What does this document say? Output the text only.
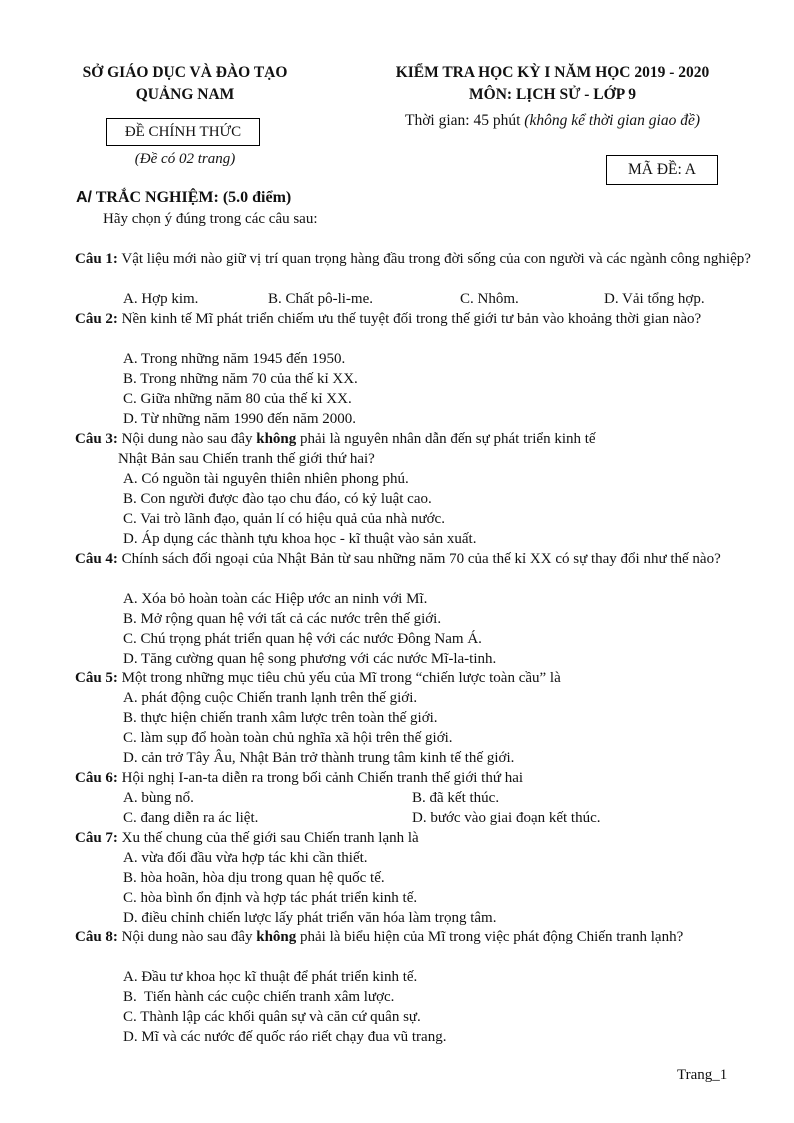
SỞ GIÁO DỤC VÀ ĐÀO TẠO
QUẢNG NAM
ĐỀ CHÍNH THỨC
(Đề có 02 trang)
KIỂM TRA HỌC KỲ I NĂM HỌC 2019 - 2020
MÔN: LỊCH SỬ - LỚP 9
Thời gian: 45 phút (không kể thời gian giao đề)
MÃ ĐỀ: A
A/ TRẮC NGHIỆM: (5.0 điểm)
Hãy chọn ý đúng trong các câu sau:
Câu 1: Vật liệu mới nào giữ vị trí quan trọng hàng đầu trong đời sống của con người và các ngành công nghiệp?
A. Hợp kim.	B. Chất pô-li-me.	C. Nhôm.	D. Vải tổng hợp.
Câu 2: Nền kinh tế Mĩ phát triển chiếm ưu thế tuyệt đối trong thế giới tư bản vào khoảng thời gian nào?
A. Trong những năm 1945 đến 1950.
B. Trong những năm 70 của thế kỉ XX.
C. Giữa những năm 80 của thế kỉ XX.
D. Từ những năm 1990 đến năm 2000.
Câu 3: Nội dung nào sau đây không phải là nguyên nhân dẫn đến sự phát triển kinh tế
Nhật Bản sau Chiến tranh thế giới thứ hai?
A. Có nguồn tài nguyên thiên nhiên phong phú.
B. Con người được đào tạo chu đáo, có kỷ luật cao.
C. Vai trò lãnh đạo, quản lí có hiệu quả của nhà nước.
D. Áp dụng các thành tựu khoa học - kĩ thuật vào sản xuất.
Câu 4: Chính sách đối ngoại của Nhật Bản từ sau những năm 70 của thế kỉ XX có sự thay đổi như thế nào?
A. Xóa bỏ hoàn toàn các Hiệp ước an ninh với Mĩ.
B. Mở rộng quan hệ với tất cả các nước trên thế giới.
C. Chú trọng phát triển quan hệ với các nước Đông Nam Á.
D. Tăng cường quan hệ song phương với các nước Mĩ-la-tinh.
Câu 5: Một trong những mục tiêu chủ yếu của Mĩ trong “chiến lược toàn cầu” là
A. phát động cuộc Chiến tranh lạnh trên thế giới.
B. thực hiện chiến tranh xâm lược trên toàn thế giới.
C. làm sụp đổ hoàn toàn chủ nghĩa xã hội trên thế giới.
D. cản trở Tây Âu, Nhật Bản trở thành trung tâm kinh tế thế giới.
Câu 6: Hội nghị I-an-ta diễn ra trong bối cảnh Chiến tranh thế giới thứ hai
A. bùng nổ.	B. đã kết thúc.
C. đang diễn ra ác liệt.	D. bước vào giai đoạn kết thúc.
Câu 7: Xu thế chung của thế giới sau Chiến tranh lạnh là
A. vừa đối đầu vừa hợp tác khi cần thiết.
B. hòa hoãn, hòa dịu trong quan hệ quốc tế.
C. hòa bình ổn định và hợp tác phát triển kinh tế.
D. điều chỉnh chiến lược lấy phát triển văn hóa làm trọng tâm.
Câu 8: Nội dung nào sau đây không phải là biểu hiện của Mĩ trong việc phát động Chiến tranh lạnh?
A. Đầu tư khoa học kĩ thuật để phát triển kinh tế.
B.  Tiến hành các cuộc chiến tranh xâm lược.
C. Thành lập các khối quân sự và căn cứ quân sự.
D. Mĩ và các nước đế quốc ráo riết chạy đua vũ trang.
Trang_1
